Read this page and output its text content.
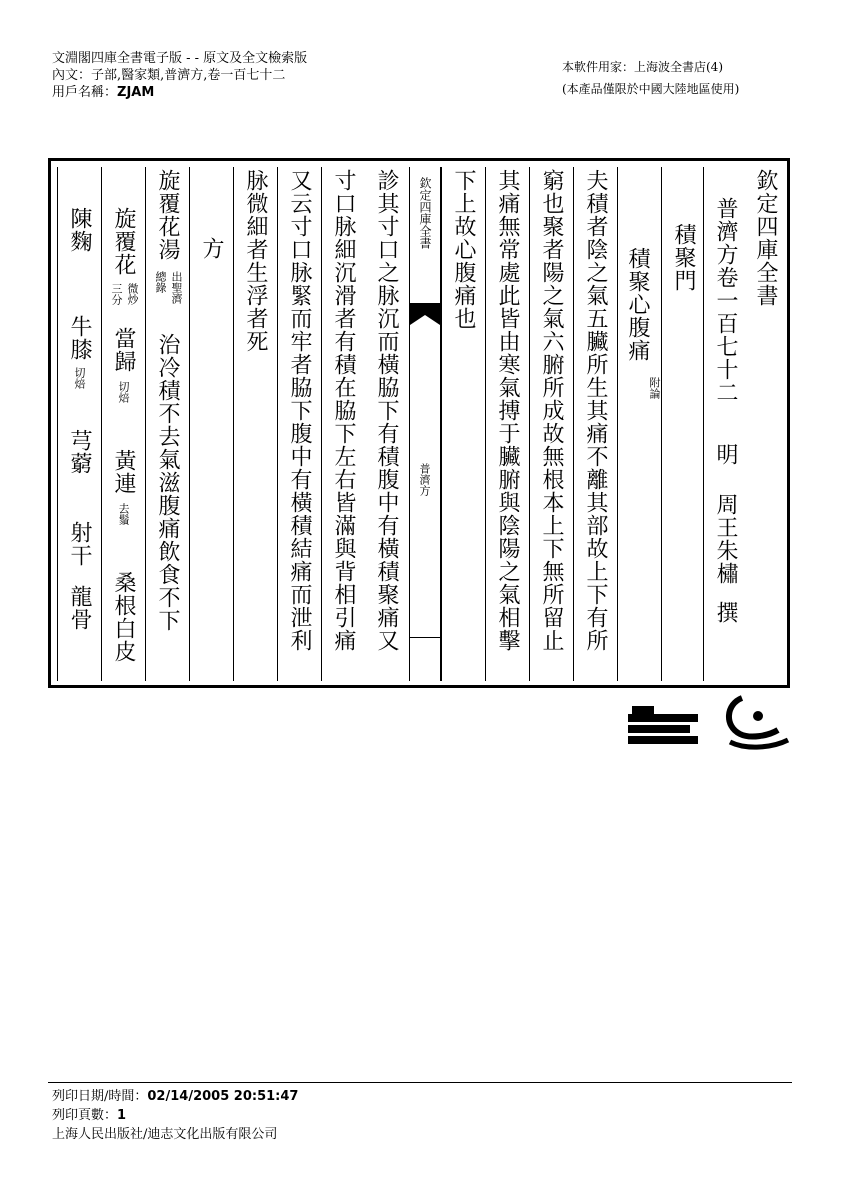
文淵閣四庫全書電子版 - - 原文及全文檢索版
內文：子部,醫家類,普濟方,卷一百七十二
用戶名稱：ZJAM
本軟件用家：上海波全書店(4)
(本產品僅限於中國大陸地區使用)
欽定四庫全書
普濟方卷一百七十二
明
周王朱橚
撰
積聚門
積聚心腹痛
附論
夫積者陰之氣五臟所生其痛不離其部故上下有所
窮也聚者陽之氣六腑所成故無根本上下無所留止
其痛無常處此皆由寒氣搏于臟腑與陰陽之氣相擊
下上故心腹痛也
欽定四庫全書
普濟方
診其寸口之脉沉而橫脇下有積腹中有橫積聚痛又
寸口脉細沉滑者有積在脇下左右皆滿與背相引痛
又云寸口脉緊而牢者脇下腹中有橫積結痛而泄利
脉微細者生浮者死
方
旋覆花湯
出聖濟
總錄
治冷積不去氣滋腹痛飲食不下
旋覆花
微炒
三分
當歸
切焙
黃連
去鬚
桑根白皮
陳麴
牛膝
切焙
芎藭
射干
龍骨
列印日期/時間：02/14/2005 20:51:47
列印頁數：1
上海人民出版社/迪志文化出版有限公司
